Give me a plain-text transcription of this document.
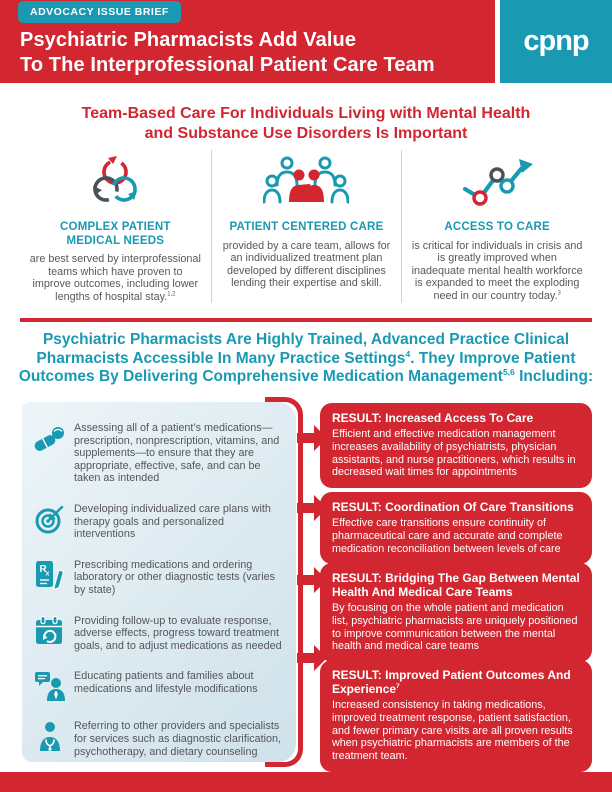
cpnp
ADVOCACY ISSUE BRIEF
Psychiatric Pharmacists Add Value
To The Interprofessional Patient Care Team
Team-Based Care For Individuals Living with Mental Health
and Substance Use Disorders Is Important
COMPLEX PATIENT MEDICAL NEEDS
are best served by interprofessional teams which have proven to improve outcomes, including lower lengths of hospital stay.$^{1,2}$
PATIENT CENTERED CARE
provided by a care team, allows for an individualized treatment plan developed by different disciplines lending their expertise and skill.
ACCESS TO CARE
is critical for individuals in crisis and is greatly improved when inadequate mental health workforce is expanded to meet the exploding need in our country today.$^3$
Psychiatric Pharmacists Are Highly Trained, Advanced Practice Clinical
Pharmacists Accessible In Many Practice Settings$^4$. They Improve Patient
Outcomes By Delivering Comprehensive Medication Management$^{5,6}$ Including:
Assessing all of a patient’s medications—prescription, nonprescription, vitamins, and supplements—to ensure that they are appropriate, effective, safe, and can be taken as intended
Developing individualized care plans with therapy goals and personalized interventions
R
x
Prescribing medications and ordering laboratory or other diagnostic tests (varies by state)
Providing follow-up to evaluate response, adverse effects, progress toward treatment goals, and to adjust medications as needed
Educating patients and families about medications and lifestyle modifications
Referring to other providers and specialists for services such as diagnostic clarification, psychotherapy, and dietary counseling
RESULT: Increased Access To Care
Efficient and effective medication management increases availability of psychiatrists, physician assistants, and nurse practitioners, which results in decreased wait times for appointments
RESULT: Coordination Of Care Transitions
Effective care transitions ensure continuity of pharmaceutical care and accurate and complete medication reconciliation between levels of care
RESULT: Bridging The Gap Between Mental Health And Medical Care Teams
By focusing on the whole patient and medication list, psychiatric pharmacists are uniquely positioned to improve communication between the mental health and medical care teams
RESULT: Improved Patient Outcomes And Experience$^7$
Increased consistency in taking medications, improved treatment response, patient satisfaction, and fewer primary care visits are all proven results when psychiatric pharmacists are members of the treatment team.
